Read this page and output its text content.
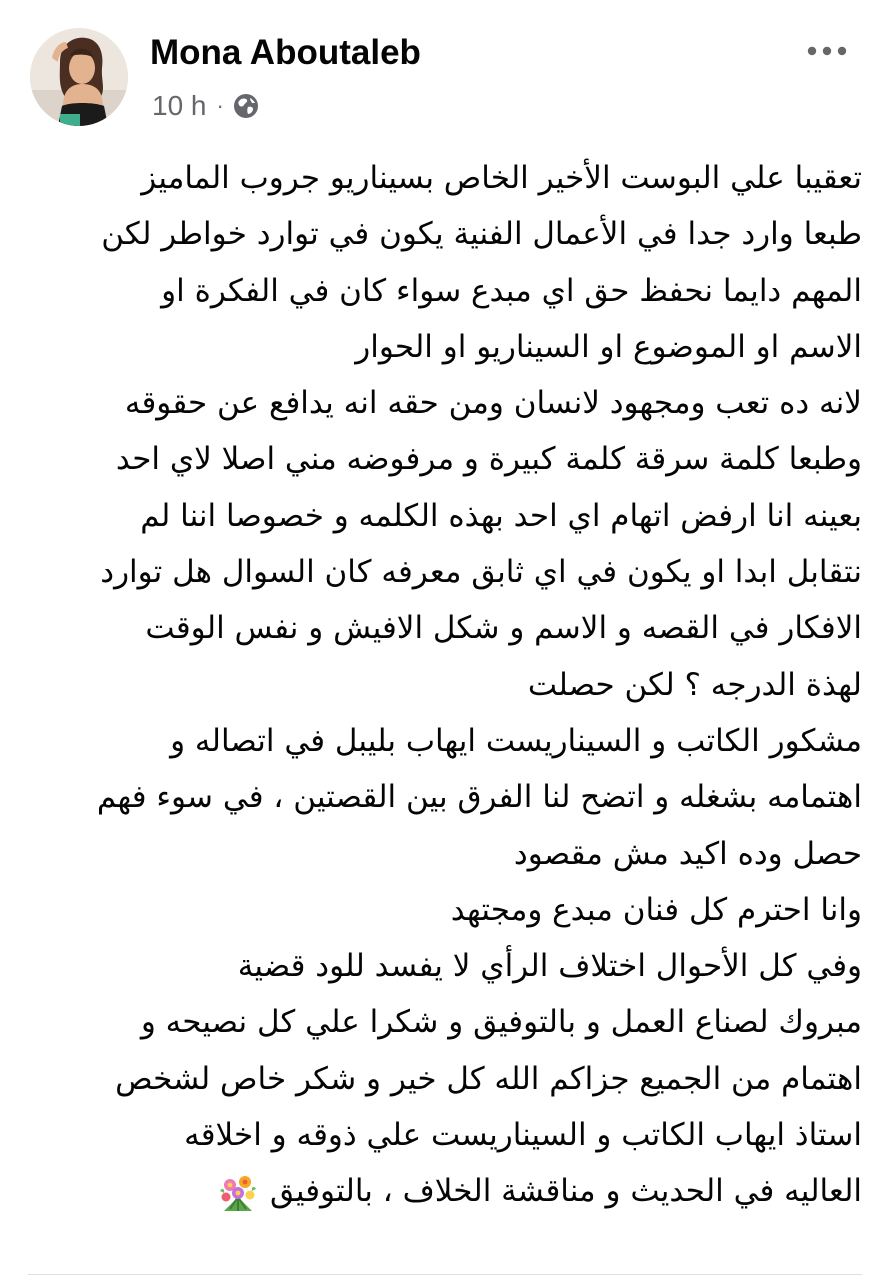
Mona Aboutaleb
10 h ·
تعقيبا علي البوست الأخير الخاص بسيناريو جروب الماميز
طبعا وارد جدا في الأعمال الفنية يكون في توارد خواطر لكن
المهم دايما نحفظ حق اي مبدع سواء كان في الفكرة او
الاسم او الموضوع او السيناريو او الحوار
لانه ده تعب ومجهود لانسان ومن حقه انه يدافع عن حقوقه
وطبعا كلمة سرقة كلمة كبيرة و مرفوضه مني اصلا لاي احد
بعينه انا ارفض اتهام اي احد بهذه الكلمه و خصوصا اننا لم
نتقابل ابدا او يكون في اي ثابق معرفه كان السوال هل توارد
الافكار في القصه و الاسم و شكل الافيش و نفس الوقت
لهذة الدرجه ؟ لكن حصلت
مشكور الكاتب و السيناريست ايهاب بليبل في اتصاله و
اهتمامه بشغله و اتضح لنا الفرق بين القصتين ، في سوء فهم
حصل وده اكيد مش مقصود
وانا احترم كل فنان مبدع ومجتهد
وفي كل الأحوال اختلاف الرأي لا يفسد للود قضية
مبروك لصناع العمل و بالتوفيق و شكرا علي كل نصيحه و
اهتمام من الجميع جزاكم الله كل خير و شكر خاص لشخص
استاذ ايهاب الكاتب و السيناريست علي ذوقه و اخلاقه
العاليه في الحديث و مناقشة الخلاف ، بالتوفيق
